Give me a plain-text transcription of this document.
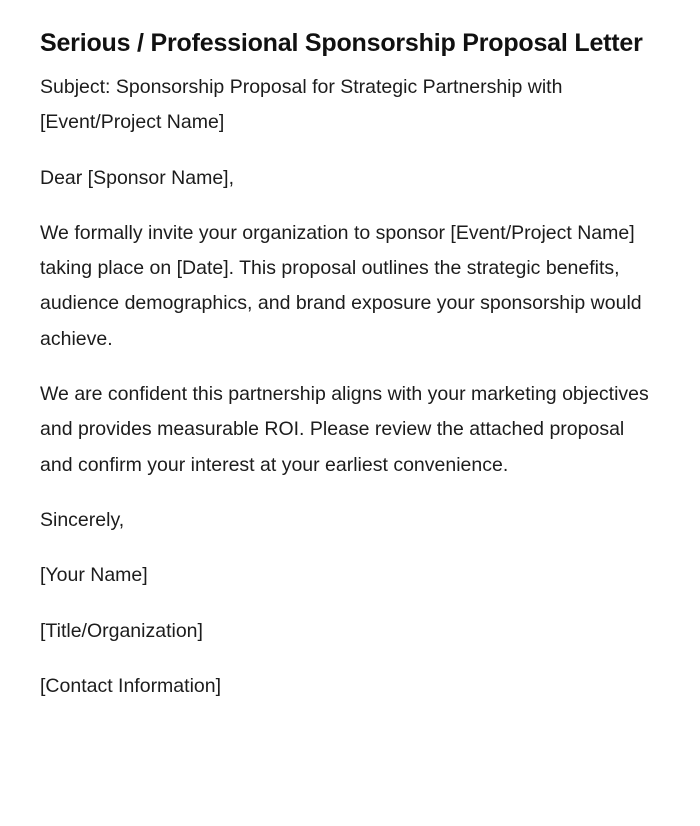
Serious / Professional Sponsorship Proposal Letter

Subject: Sponsorship Proposal for Strategic Partnership with [Event/Project Name]

Dear [Sponsor Name],

We formally invite your organization to sponsor [Event/Project Name] taking place on [Date]. This proposal outlines the strategic benefits, audience demographics, and brand exposure your sponsorship would achieve.

We are confident this partnership aligns with your marketing objectives and provides measurable ROI. Please review the attached proposal and confirm your interest at your earliest convenience.

Sincerely,

[Your Name]

[Title/Organization]

[Contact Information]
